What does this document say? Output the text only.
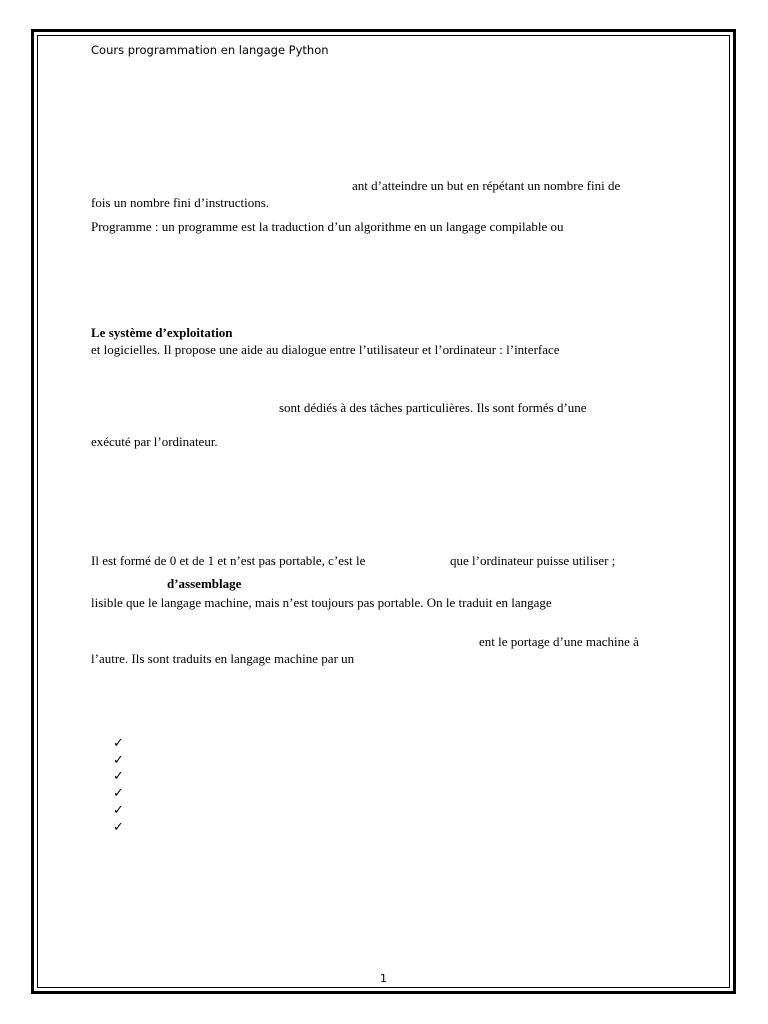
Cours programmation en langage Python
ant d’atteindre un but en répétant un nombre fini de
fois un nombre fini d’instructions.
Programme : un programme est la traduction d’un algorithme en un langage compilable ou
Le système d’exploitation
et logicielles. Il propose une aide au dialogue entre l’utilisateur et l’ordinateur : l’interface
sont dédiés à des tâches particulières. Ils sont formés d’une
exécuté par l’ordinateur.
Il est formé de 0 et de 1 et n’est pas portable, c’est le	que l’ordinateur puisse utiliser ;
d’assemblage
lisible que le langage machine, mais n’est toujours pas portable. On le traduit en langage
ent le portage d’une machine à
l’autre. Ils sont traduits en langage machine par un
✓
✓
✓
✓
✓
✓
1
